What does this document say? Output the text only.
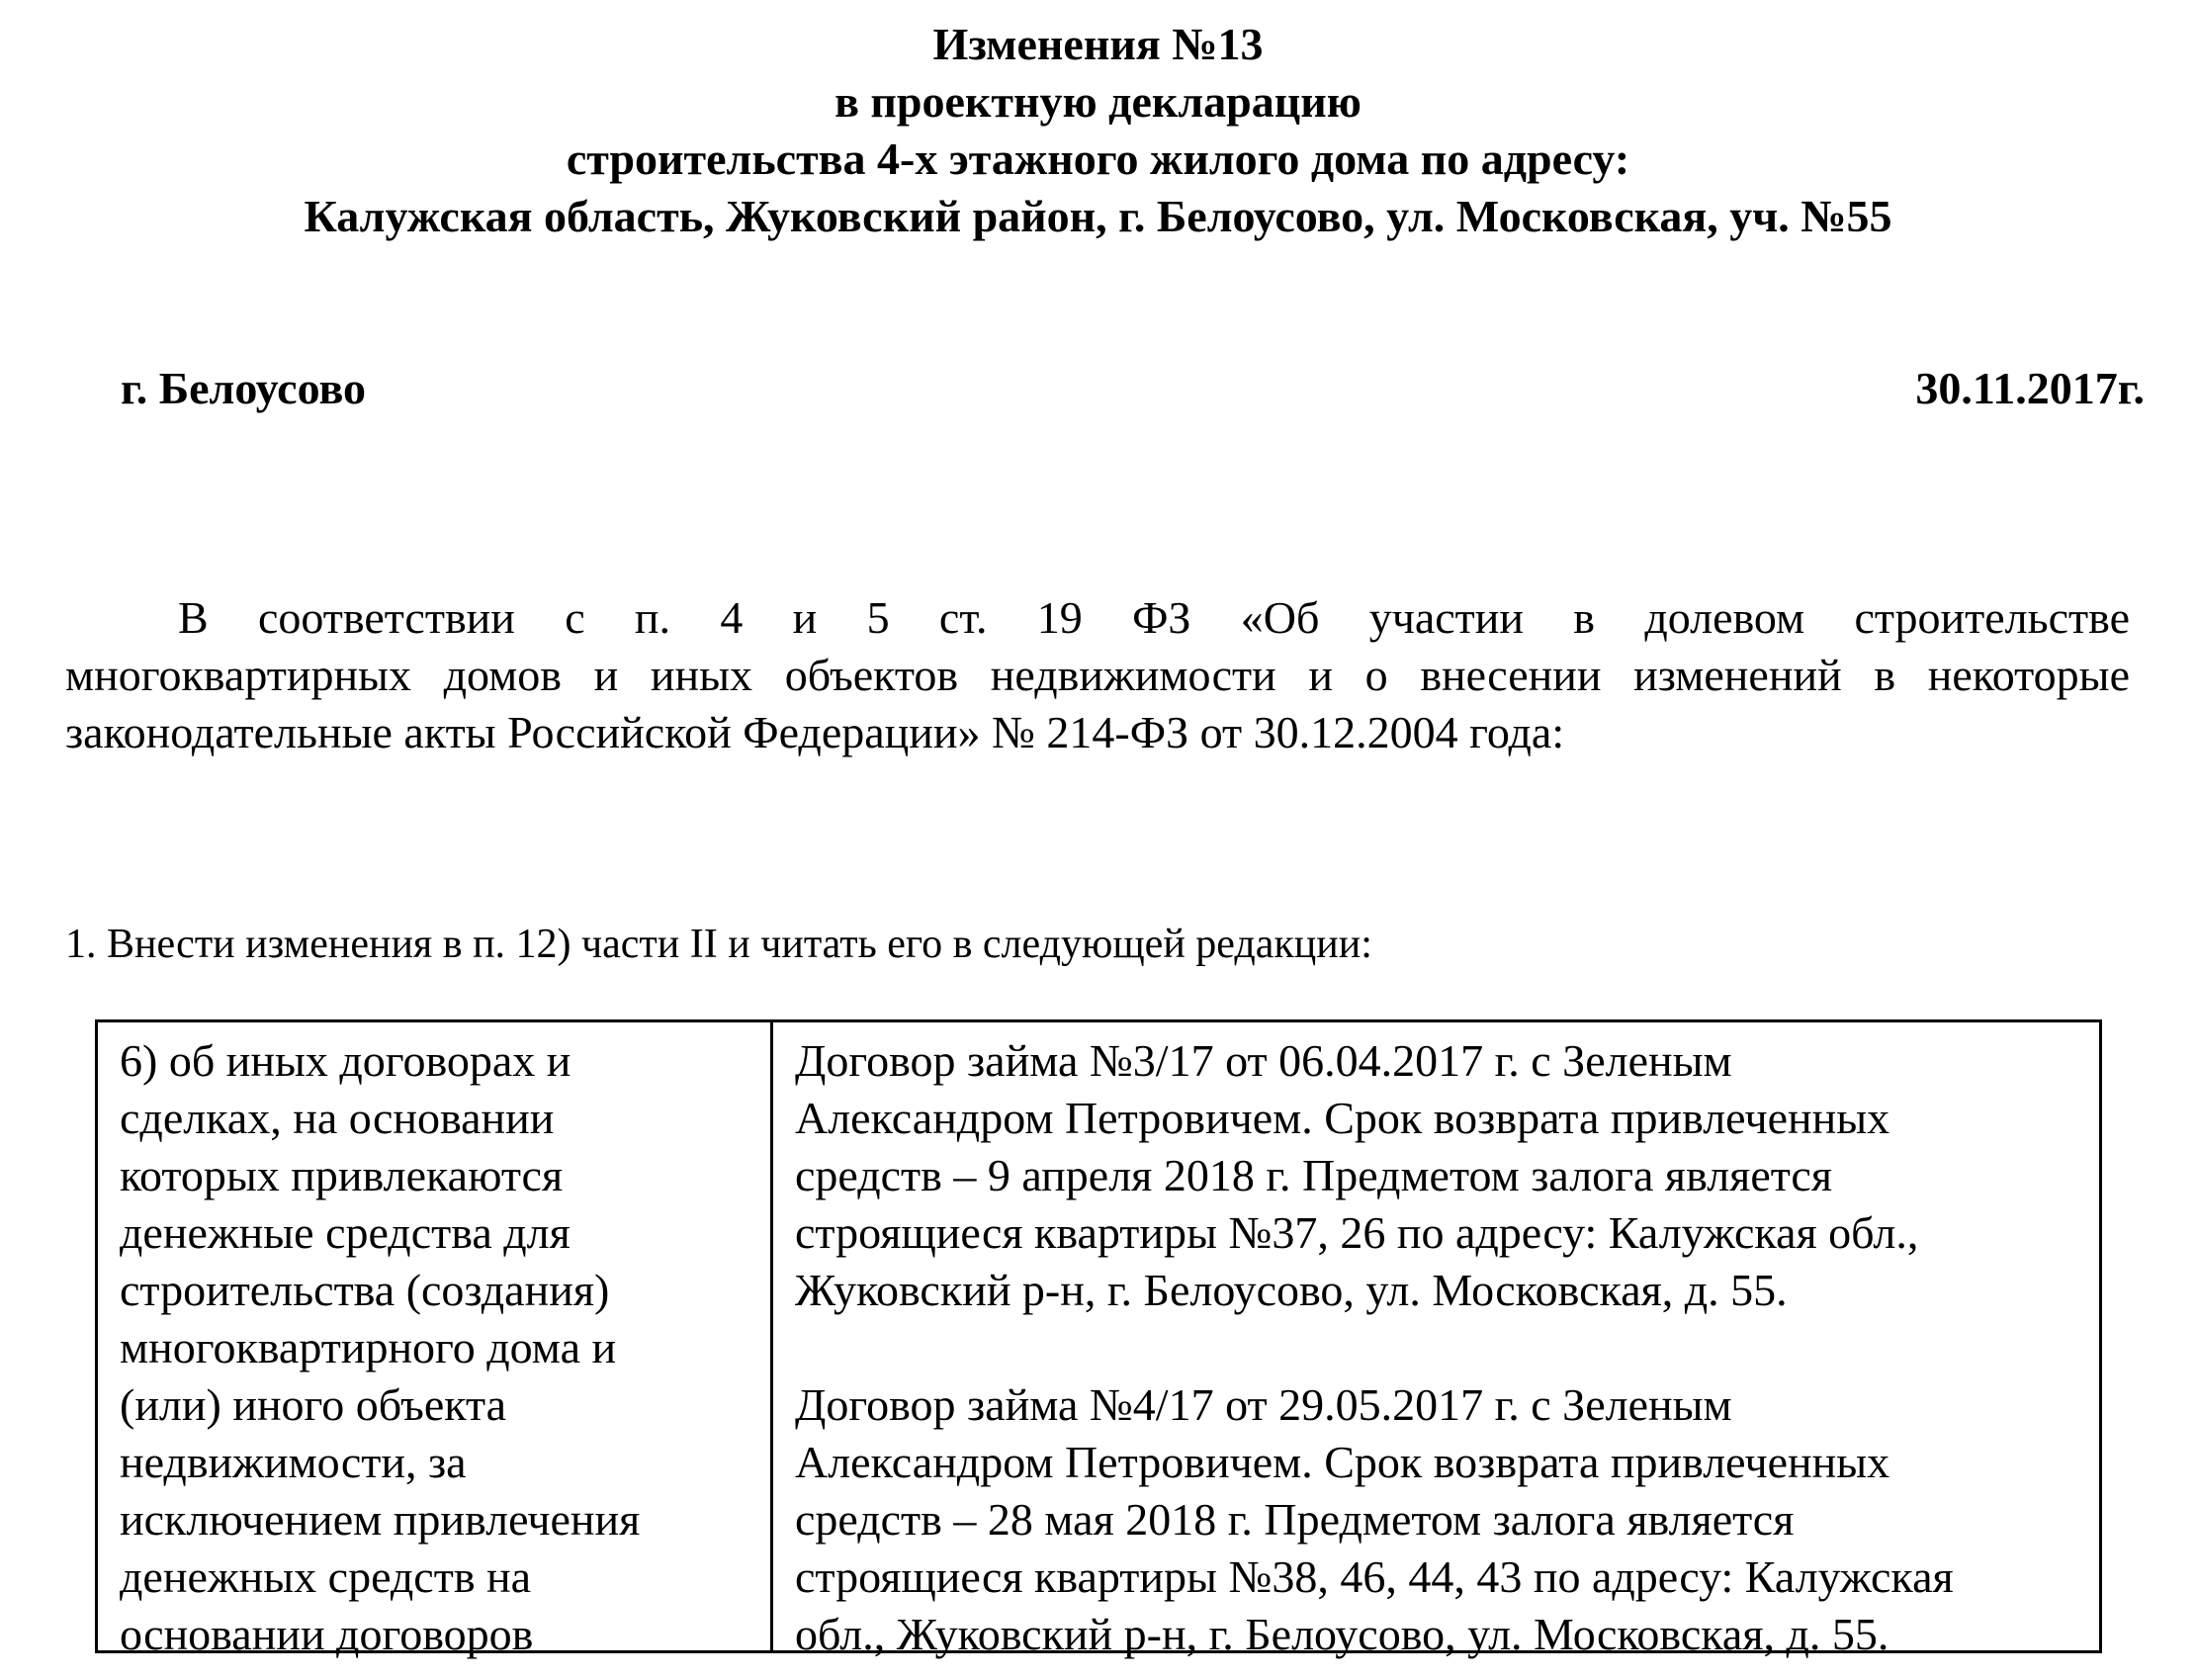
Изменения №13
в проектную декларацию
строительства 4-х этажного жилого дома по адресу:
Калужская область, Жуковский район, г. Белоусово, ул. Московская, уч. №55
г. Белоусово	30.11.2017г.
В соответствии с п. 4 и 5 ст. 19 ФЗ «Об участии в долевом строительстве
многоквартирных домов и иных объектов недвижимости и о внесении изменений в некоторые
законодательные акты Российской Федерации» № 214-ФЗ от 30.12.2004 года:
1. Внести изменения в п. 12) части II и читать его в следующей редакции:
6) об иных договорах и
сделках, на основании
которых привлекаются
денежные средства для
строительства (создания)
многоквартирного дома и
(или) иного объекта
недвижимости, за
исключением привлечения
денежных средств на
основании договоров
Договор займа №3/17 от 06.04.2017 г. с Зеленым
Александром Петровичем. Срок возврата привлеченных
средств – 9 апреля 2018 г. Предметом залога является
строящиеся квартиры №37, 26 по адресу: Калужская обл.,
Жуковский р-н, г. Белоусово, ул. Московская, д. 55.
Договор займа №4/17 от 29.05.2017 г. с Зеленым
Александром Петровичем. Срок возврата привлеченных
средств – 28 мая 2018 г. Предметом залога является
строящиеся квартиры №38, 46, 44, 43 по адресу: Калужская
обл., Жуковский р-н, г. Белоусово, ул. Московская, д. 55.
